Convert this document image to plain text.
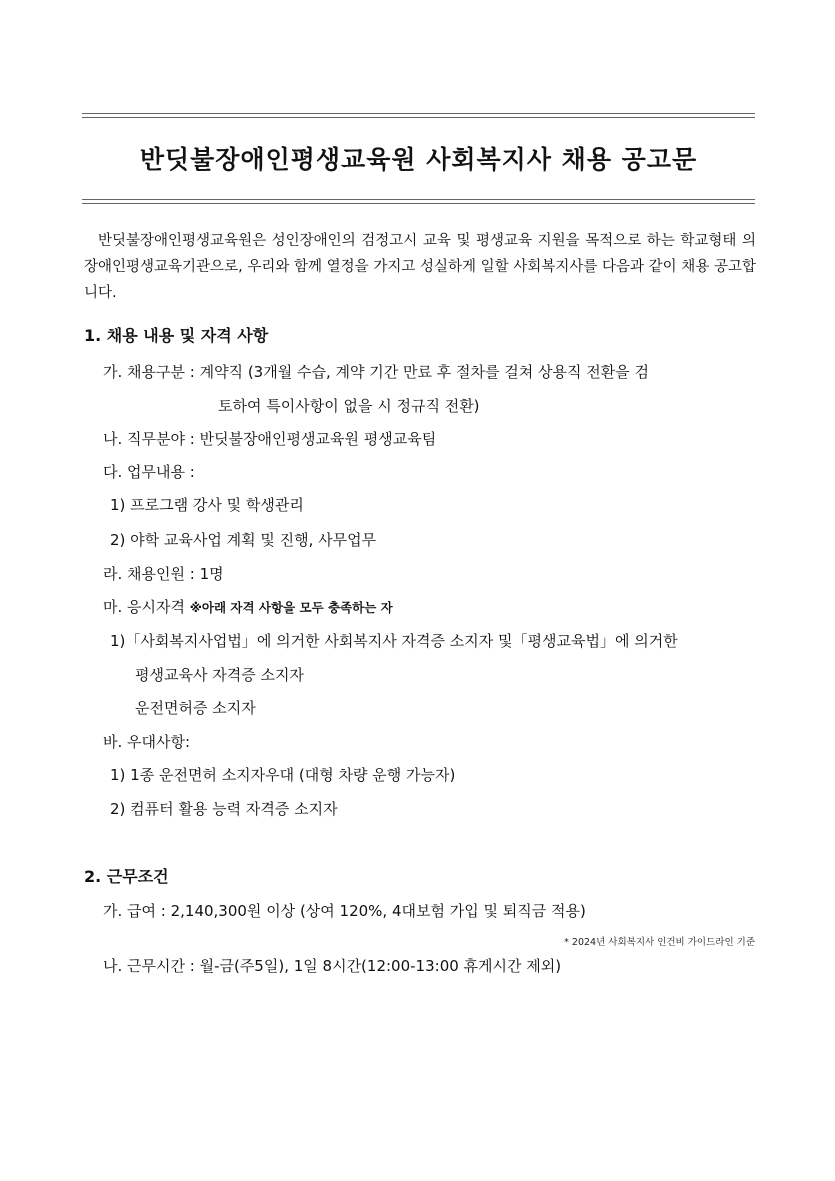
반딧불장애인평생교육원 사회복지사 채용 공고문
반딧불장애인평생교육원은 성인장애인의 검정고시 교육 및 평생교육 지원을 목적으로 하는 학교형태 의 장애인평생교육기관으로, 우리와 함께 열정을 가지고 성실하게 일할 사회복지사를 다음과 같이 채용 공고합니다.
1. 채용 내용 및 자격 사항
가. 채용구분 : 계약직 (3개월 수습, 계약 기간 만료 후 절차를 걸쳐 상용직 전환을 검
토하여 특이사항이 없을 시 정규직 전환)
나. 직무분야 : 반딧불장애인평생교육원 평생교육팀
다. 업무내용 :
1) 프로그램 강사 및 학생관리
2) 야학 교육사업 계획 및 진행, 사무업무
라. 채용인원 : 1명
마. 응시자격 ※아래 자격 사항을 모두 충족하는 자
1)「사회복지사업법」에 의거한 사회복지사 자격증 소지자 및「평생교육법」에 의거한
평생교육사 자격증 소지자
운전면허증 소지자
바. 우대사항:
1) 1종 운전면허 소지자우대 (대형 차량 운행 가능자)
2) 컴퓨터 활용 능력 자격증 소지자
2. 근무조건
가. 급여 : 2,140,300원 이상 (상여 120%, 4대보험 가입 및 퇴직금 적용)
* 2024년 사회복지사 인건비 가이드라인 기준
나. 근무시간 : 월-금(주5일), 1일 8시간(12:00-13:00 휴게시간 제외)
